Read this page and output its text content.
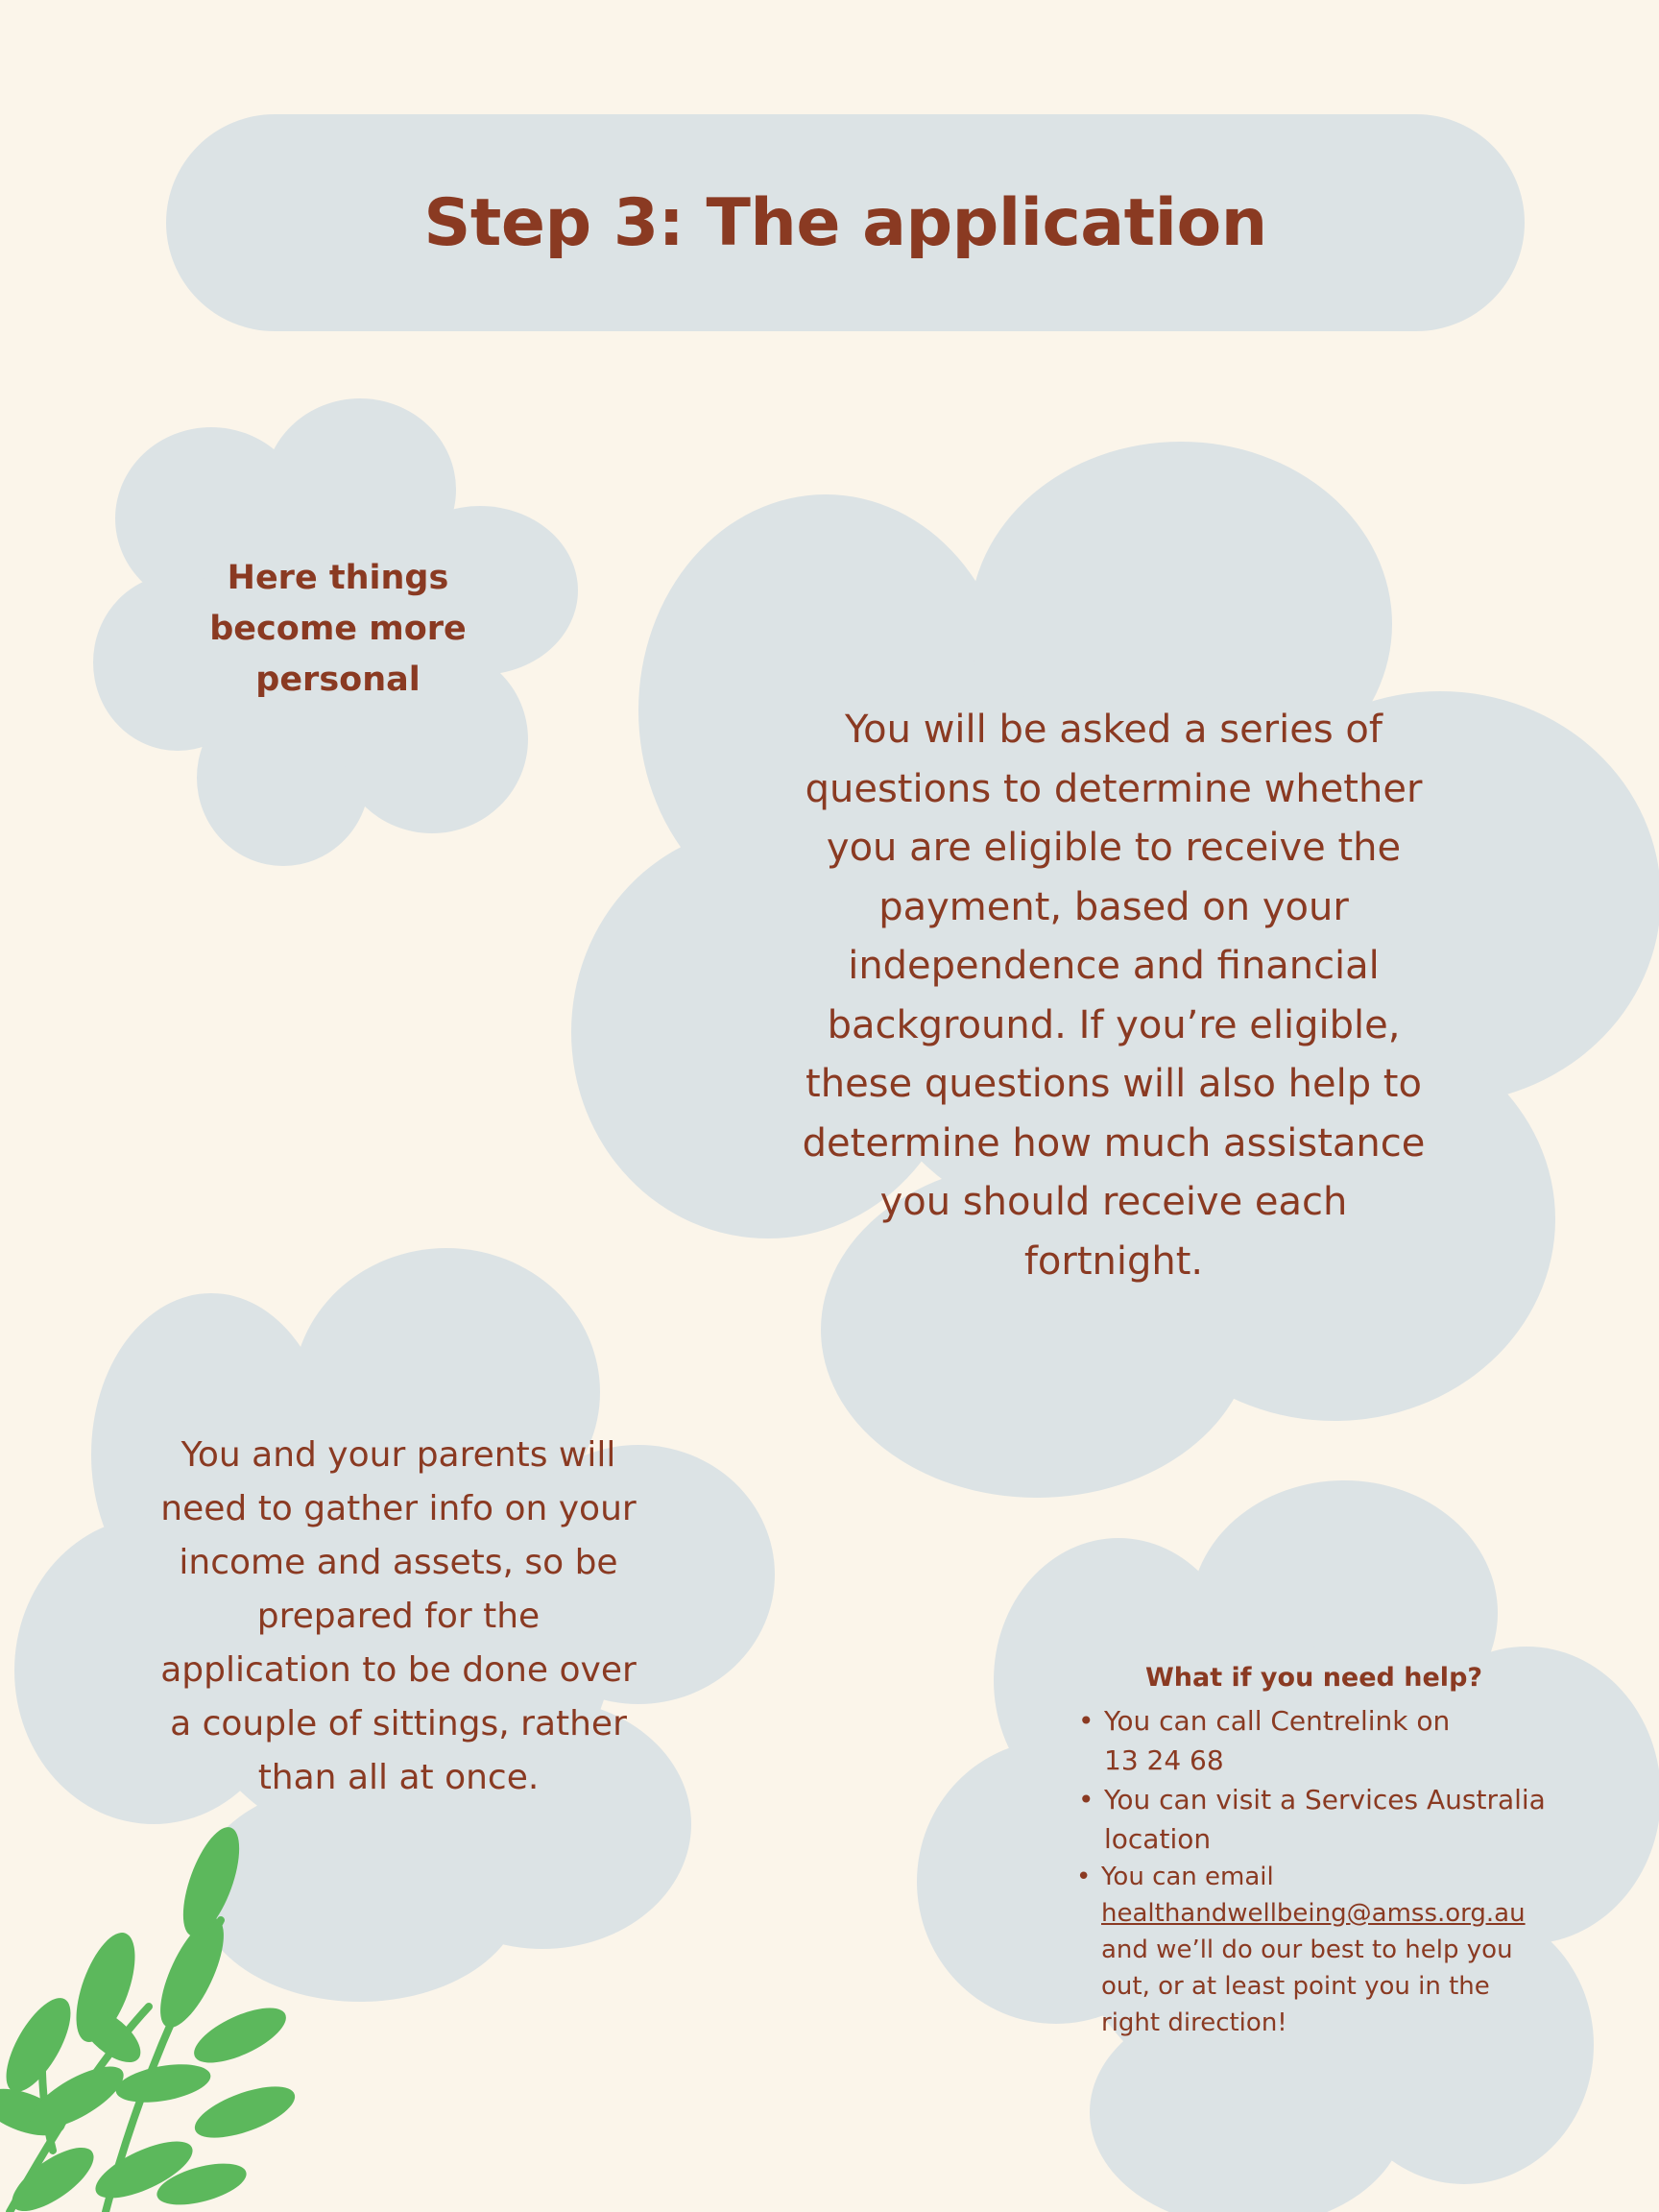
Step 3: The application

Here things
become more
personal

You will be asked a series of
questions to determine whether
you are eligible to receive the
payment, based on your
independence and financial
background. If you’re eligible,
these questions will also help to
determine how much assistance
you should receive each
fortnight.

You and your parents will
need to gather info on your
income and assets, so be
prepared for the
application to be done over
a couple of sittings, rather
than all at once.

What if you need help?

• You can call Centrelink on
13 24 68
• You can visit a Services Australia
location
• You can email
healthandwellbeing@amss.org.au
and we’ll do our best to help you
out, or at least point you in the
right direction!
